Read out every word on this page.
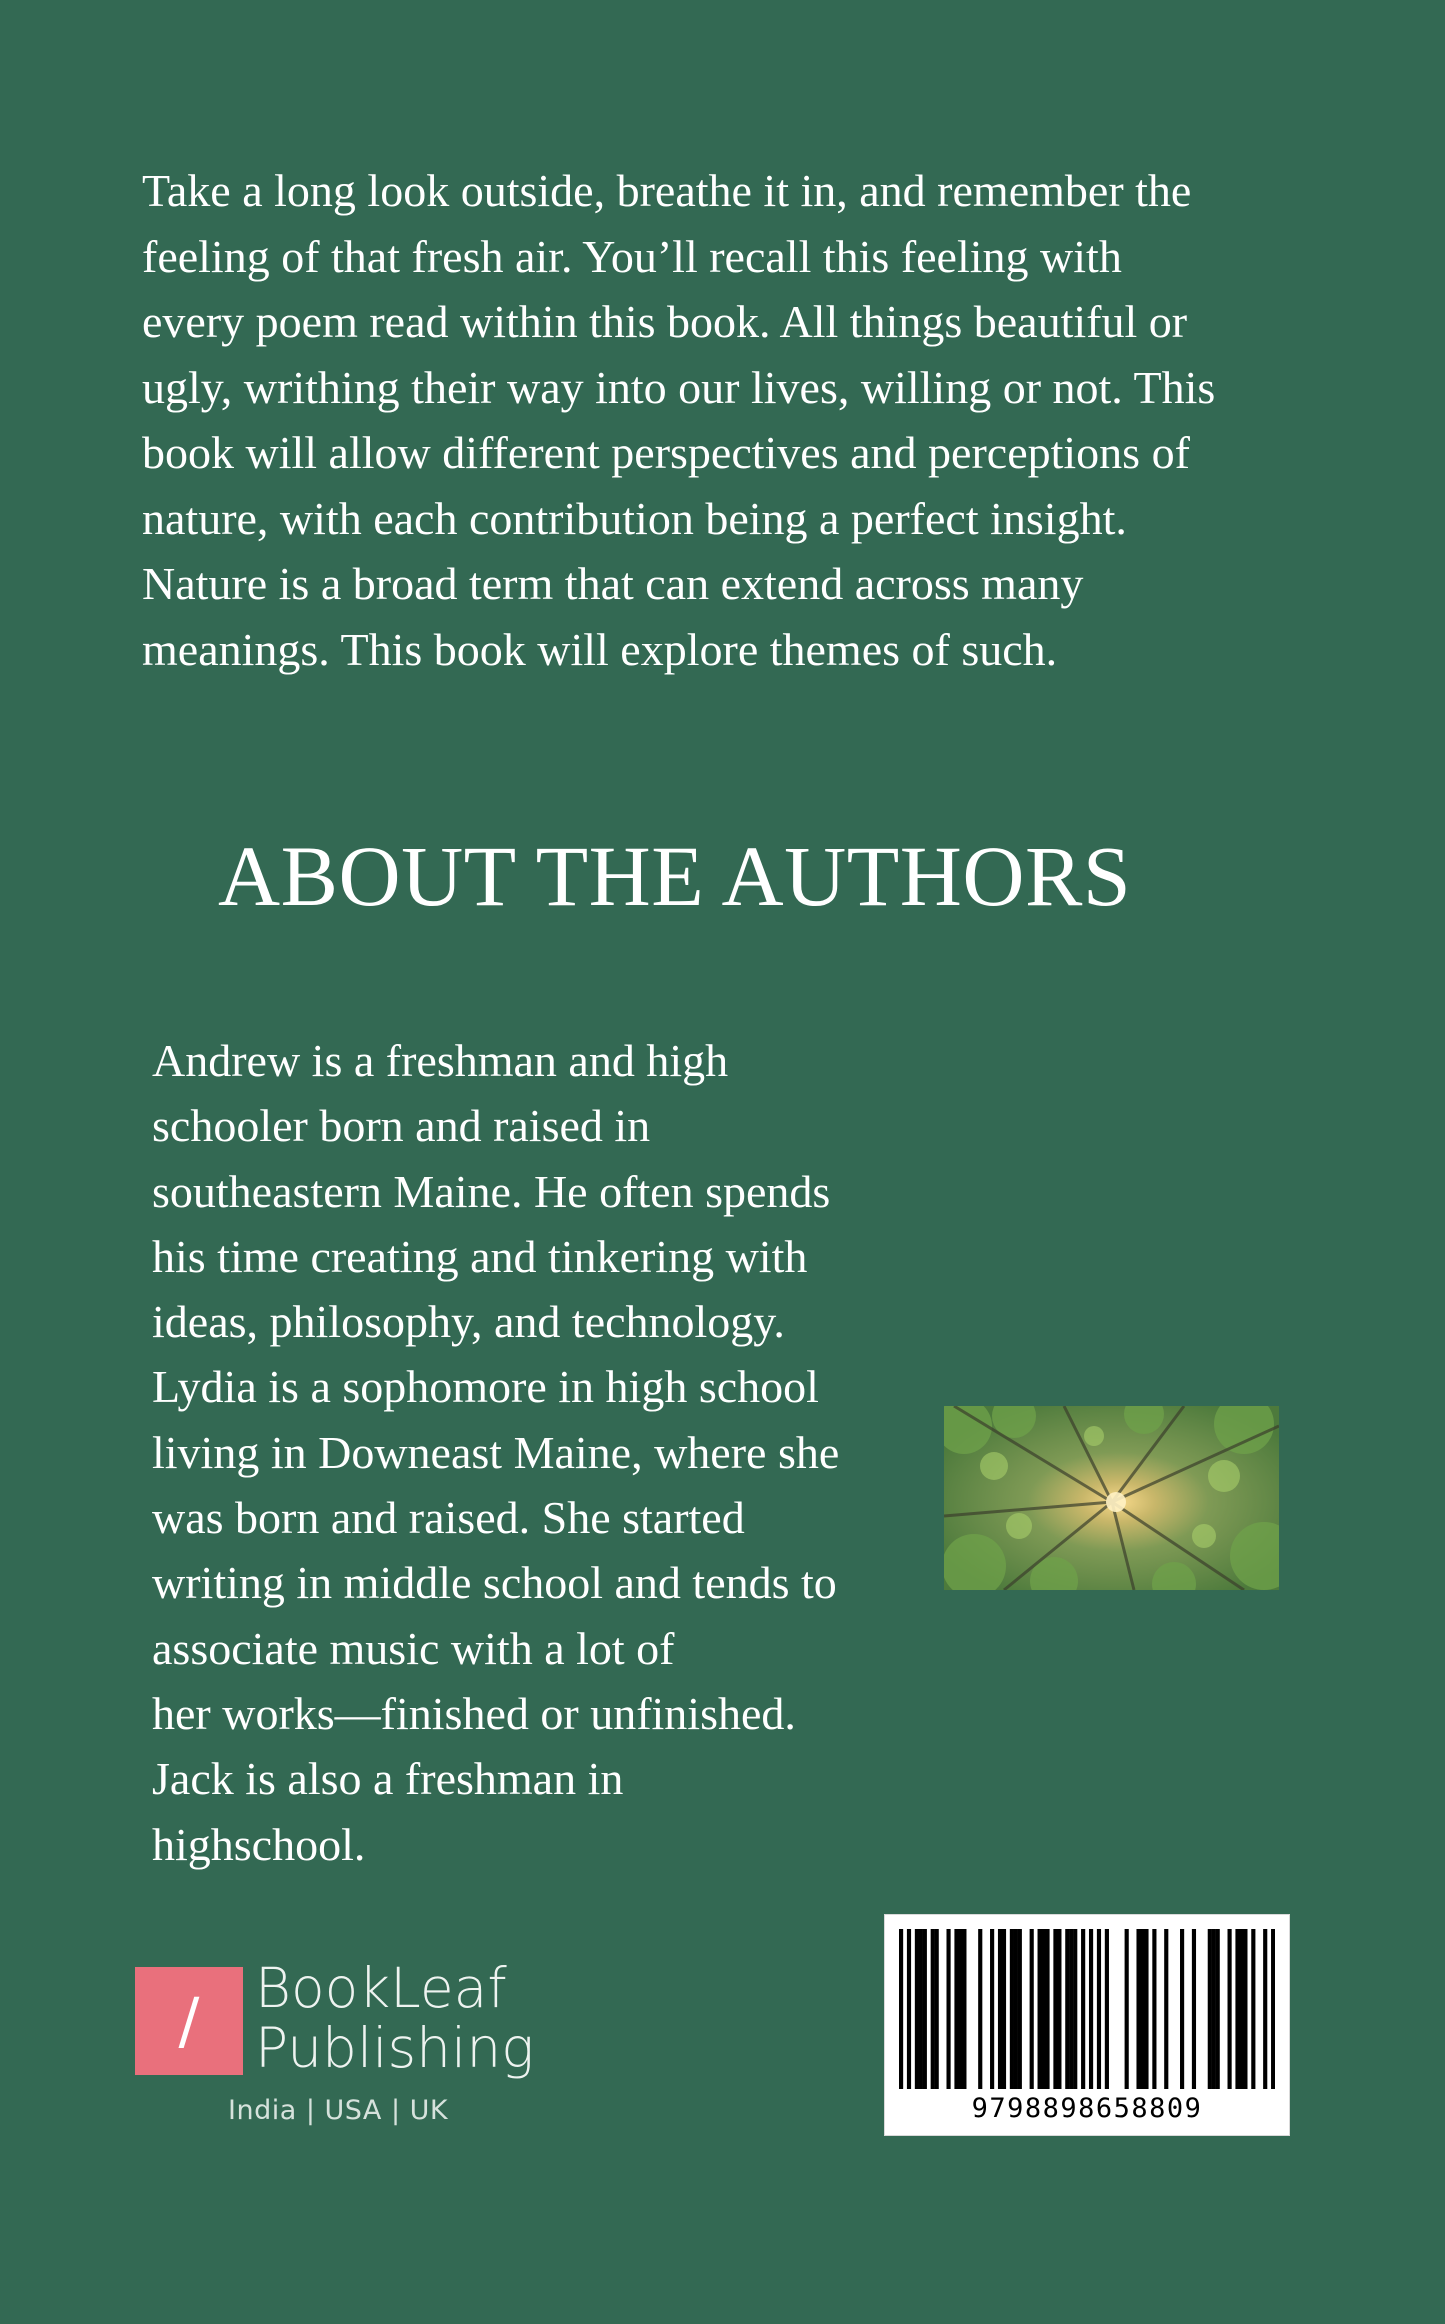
Take a long look outside, breathe it in, and remember the
feeling of that fresh air. You’ll recall this feeling with
every poem read within this book. All things beautiful or
ugly, writhing their way into our lives, willing or not. This
book will allow different perspectives and perceptions of
nature, with each contribution being a perfect insight.
Nature is a broad term that can extend across many
meanings. This book will explore themes of such.

ABOUT THE AUTHORS

Andrew is a freshman and high
schooler born and raised in
southeastern Maine. He often spends
his time creating and tinkering with
ideas, philosophy, and technology.
Lydia is a sophomore in high school
living in Downeast Maine, where she
was born and raised. She started
writing in middle school and tends to
associate music with a lot of
her works—finished or unfinished.
Jack is also a freshman in
highschool.

/	BookLeaf
Publishing
India | USA | UK	9798898658809
